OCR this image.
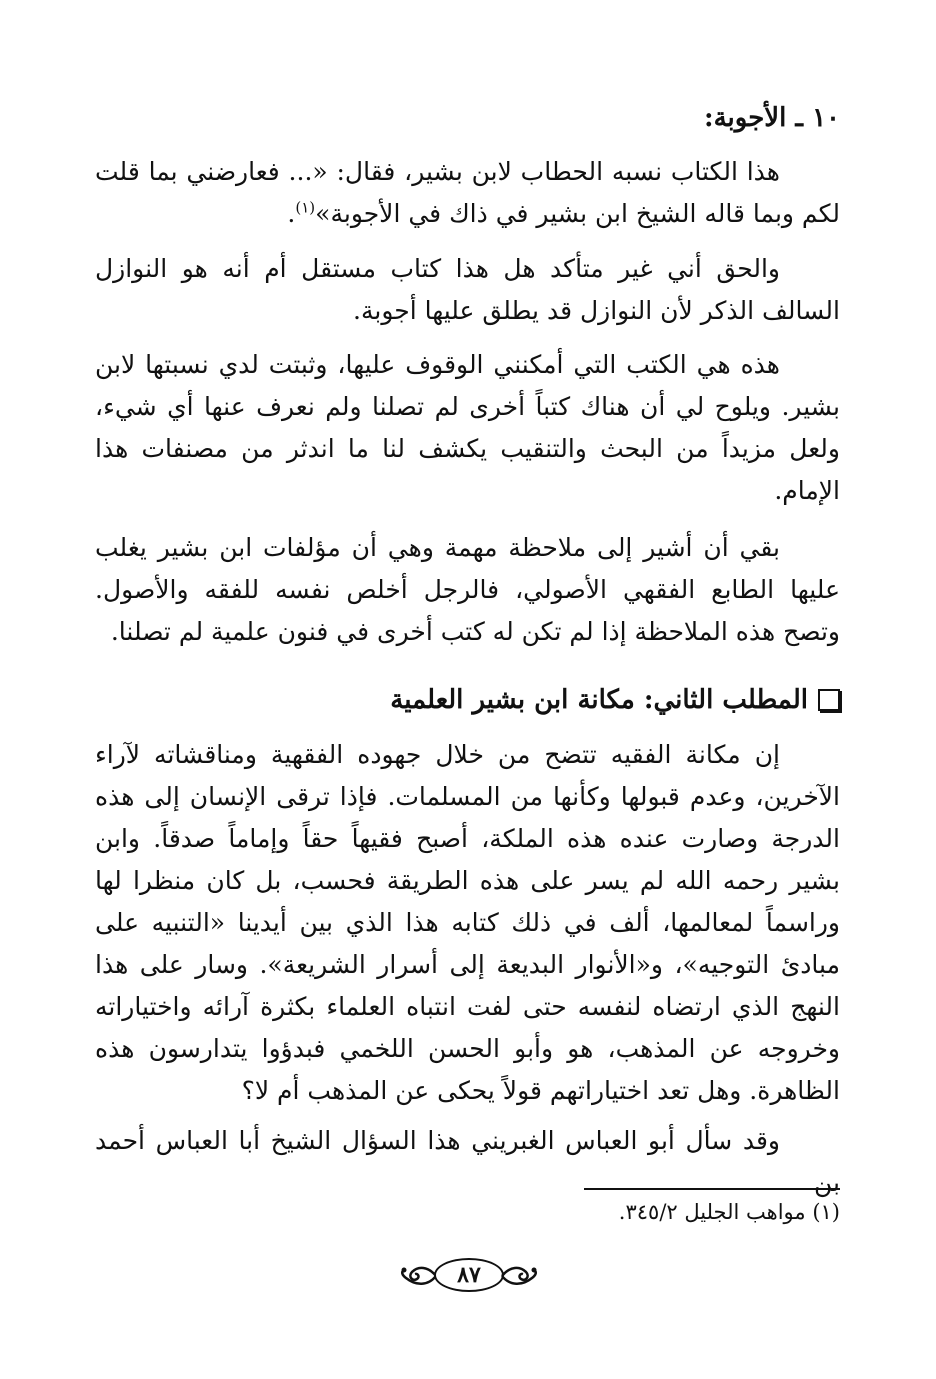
١٠ ـ الأجوبة:

هذا الكتاب نسبه الحطاب لابن بشير، فقال: «... فعارضني بما قلت لكم وبما قاله الشيخ ابن بشير في ذاك في الأجوبة»$^{(١)}$.

والحق أني غير متأكد هل هذا كتاب مستقل أم أنه هو النوازل السالف الذكر لأن النوازل قد يطلق عليها أجوبة.

هذه هي الكتب التي أمكنني الوقوف عليها، وثبتت لدي نسبتها لابن بشير. ويلوح لي أن هناك كتباً أخرى لم تصلنا ولم نعرف عنها أي شيء، ولعل مزيداً من البحث والتنقيب يكشف لنا ما اندثر من مصنفات هذا الإمام.

بقي أن أشير إلى ملاحظة مهمة وهي أن مؤلفات ابن بشير يغلب عليها الطابع الفقهي الأصولي، فالرجل أخلص نفسه للفقه والأصول. وتصح هذه الملاحظة إذا لم تكن له كتب أخرى في فنون علمية لم تصلنا.

المطلب الثاني: مكانة ابن بشير العلمية

إن مكانة الفقيه تتضح من خلال جهوده الفقهية ومناقشاته لآراء الآخرين، وعدم قبولها وكأنها من المسلمات. فإذا ترقى الإنسان إلى هذه الدرجة وصارت عنده هذه الملكة، أصبح فقيهاً حقاً وإماماً صدقاً. وابن بشير رحمه الله لم يسر على هذه الطريقة فحسب، بل كان منظرا لها وراسماً لمعالمها، ألف في ذلك كتابه هذا الذي بين أيدينا «التنبيه على مبادئ التوجيه»، و«الأنوار البديعة إلى أسرار الشريعة». وسار على هذا النهج الذي ارتضاه لنفسه حتى لفت انتباه العلماء بكثرة آرائه واختياراته وخروجه عن المذهب، هو وأبو الحسن اللخمي فبدؤوا يتدارسون هذه الظاهرة. وهل تعد اختياراتهم قولاً يحكى عن المذهب أم لا؟

وقد سأل أبو العباس الغبريني هذا السؤال الشيخ أبا العباس أحمد بن

(١) مواهب الجليل ٣٤٥/٢.
٨٧
